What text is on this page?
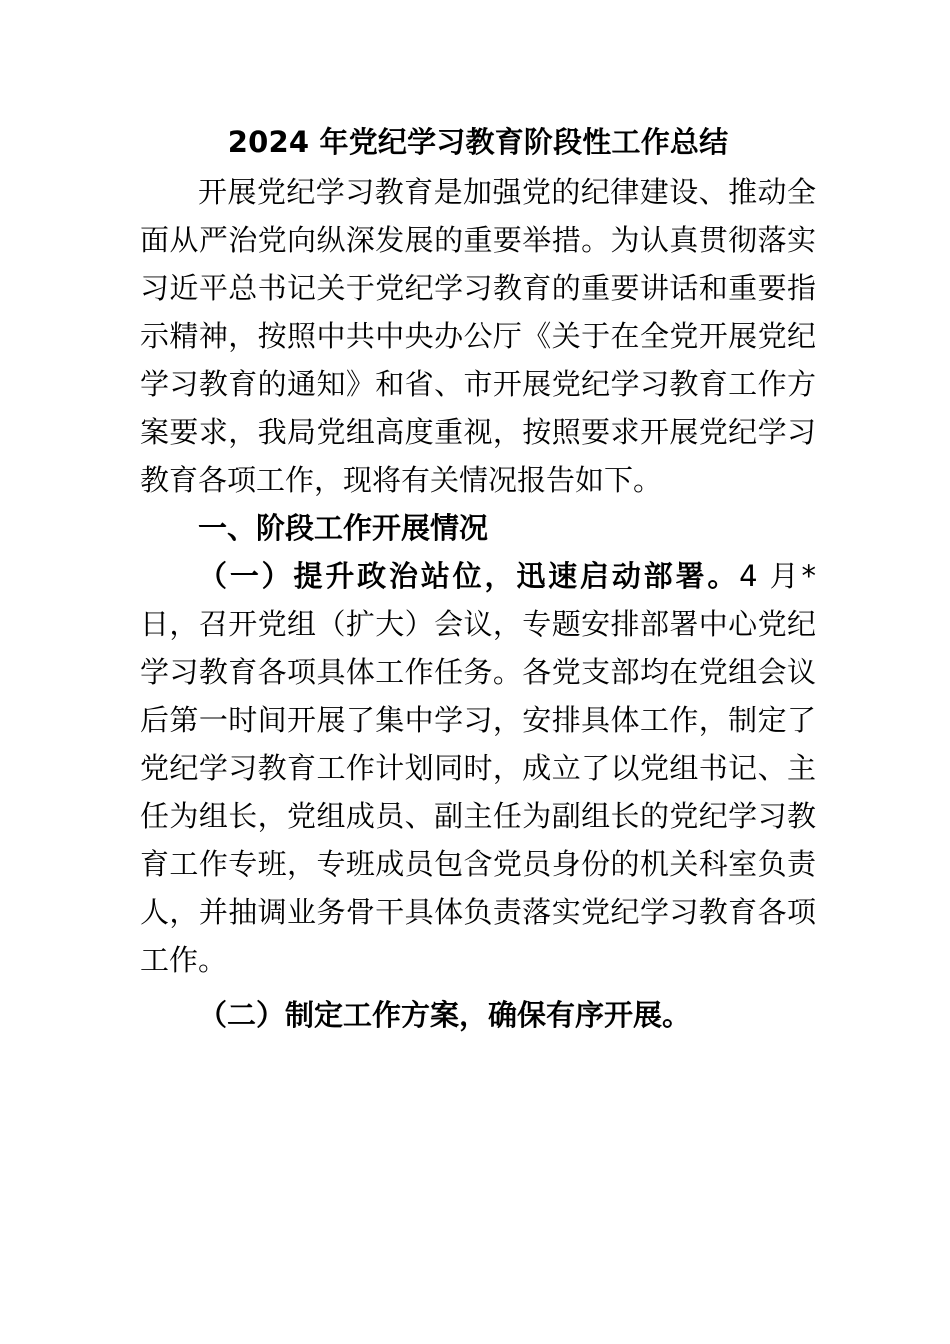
2024 年党纪学习教育阶段性工作总结

开展党纪学习教育是加强党的纪律建设、推动全面从严治党向纵深发展的重要举措。为认真贯彻落实习近平总书记关于党纪学习教育的重要讲话和重要指示精神，按照中共中央办公厅《关于在全党开展党纪学习教育的通知》和省、市开展党纪学习教育工作方案要求，我局党组高度重视，按照要求开展党纪学习教育各项工作，现将有关情况报告如下。

一、阶段工作开展情况

（一）提升政治站位，迅速启动部署。4 月*日，召开党组（扩大）会议，专题安排部署中心党纪学习教育各项具体工作任务。各党支部均在党组会议后第一时间开展了集中学习，安排具体工作，制定了党纪学习教育工作计划同时，成立了以党组书记、主任为组长，党组成员、副主任为副组长的党纪学习教育工作专班，专班成员包含党员身份的机关科室负责人，并抽调业务骨干具体负责落实党纪学习教育各项工作。

（二）制定工作方案，确保有序开展。
